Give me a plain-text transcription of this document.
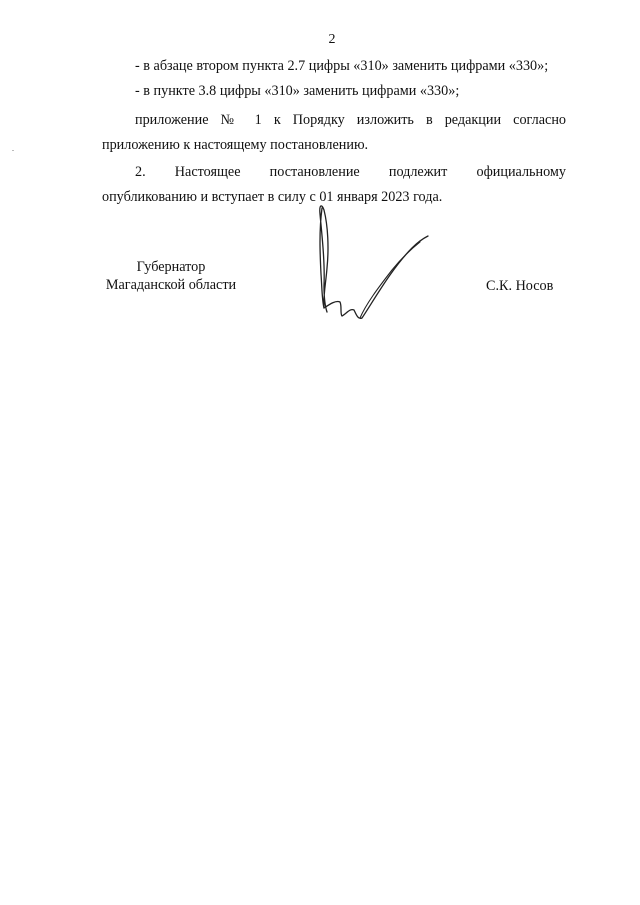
2
- в абзаце втором пункта 2.7 цифры «310» заменить цифрами «330»;
- в пункте 3.8 цифры «310» заменить цифрами «330»;
приложение № 1 к Порядку изложить в редакции согласно приложению к настоящему постановлению.
2. Настоящее постановление подлежит официальному
опубликованию и вступает в силу с 01 января 2023 года.
Губернатор
Магаданской области	С.К. Носов
